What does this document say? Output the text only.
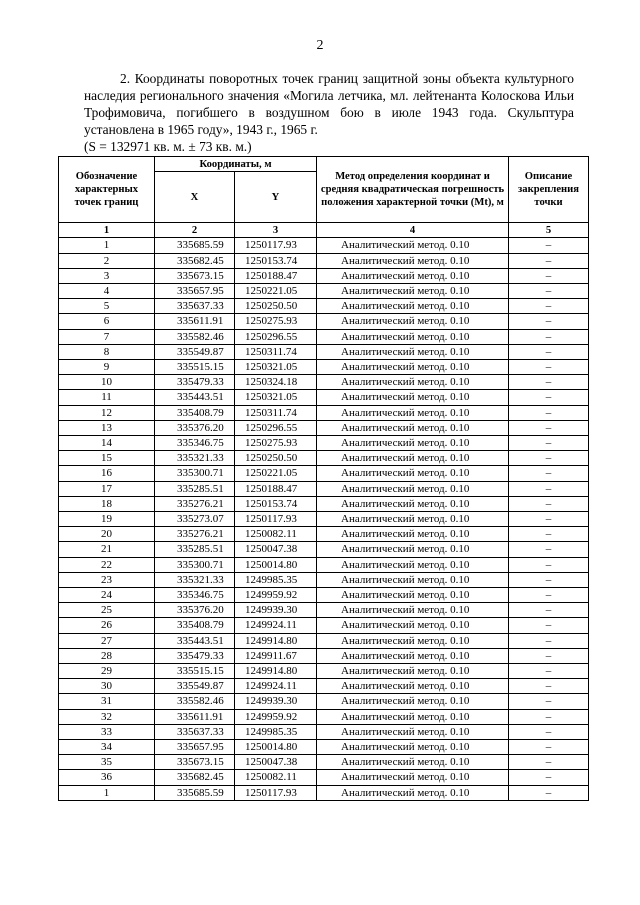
2
2. Координаты поворотных точек границ защитной зоны объекта культурного наследия регионального значения «Могила летчика, мл. лейтенанта Колоскова Ильи Трофимовича, погибшего в воздушном бою в июле 1943 года. Скульптура установлена в 1965 году», 1943 г., 1965 г.
(S = 132971 кв. м. ± 73 кв. м.)
Обозначение характерных точек границ	Координаты, м		Метод определения координат и средняя квадратическая погрешность положения характерной точки (Mt), м	Описание закрепления точки
	X	Y		
1	2	3	4	5
1	335685.59	1250117.93	Аналитический метод. 0.10	–
2	335682.45	1250153.74	Аналитический метод. 0.10	–
3	335673.15	1250188.47	Аналитический метод. 0.10	–
4	335657.95	1250221.05	Аналитический метод. 0.10	–
5	335637.33	1250250.50	Аналитический метод. 0.10	–
6	335611.91	1250275.93	Аналитический метод. 0.10	–
7	335582.46	1250296.55	Аналитический метод. 0.10	–
8	335549.87	1250311.74	Аналитический метод. 0.10	–
9	335515.15	1250321.05	Аналитический метод. 0.10	–
10	335479.33	1250324.18	Аналитический метод. 0.10	–
11	335443.51	1250321.05	Аналитический метод. 0.10	–
12	335408.79	1250311.74	Аналитический метод. 0.10	–
13	335376.20	1250296.55	Аналитический метод. 0.10	–
14	335346.75	1250275.93	Аналитический метод. 0.10	–
15	335321.33	1250250.50	Аналитический метод. 0.10	–
16	335300.71	1250221.05	Аналитический метод. 0.10	–
17	335285.51	1250188.47	Аналитический метод. 0.10	–
18	335276.21	1250153.74	Аналитический метод. 0.10	–
19	335273.07	1250117.93	Аналитический метод. 0.10	–
20	335276.21	1250082.11	Аналитический метод. 0.10	–
21	335285.51	1250047.38	Аналитический метод. 0.10	–
22	335300.71	1250014.80	Аналитический метод. 0.10	–
23	335321.33	1249985.35	Аналитический метод. 0.10	–
24	335346.75	1249959.92	Аналитический метод. 0.10	–
25	335376.20	1249939.30	Аналитический метод. 0.10	–
26	335408.79	1249924.11	Аналитический метод. 0.10	–
27	335443.51	1249914.80	Аналитический метод. 0.10	–
28	335479.33	1249911.67	Аналитический метод. 0.10	–
29	335515.15	1249914.80	Аналитический метод. 0.10	–
30	335549.87	1249924.11	Аналитический метод. 0.10	–
31	335582.46	1249939.30	Аналитический метод. 0.10	–
32	335611.91	1249959.92	Аналитический метод. 0.10	–
33	335637.33	1249985.35	Аналитический метод. 0.10	–
34	335657.95	1250014.80	Аналитический метод. 0.10	–
35	335673.15	1250047.38	Аналитический метод. 0.10	–
36	335682.45	1250082.11	Аналитический метод. 0.10	–
1	335685.59	1250117.93	Аналитический метод. 0.10	–
